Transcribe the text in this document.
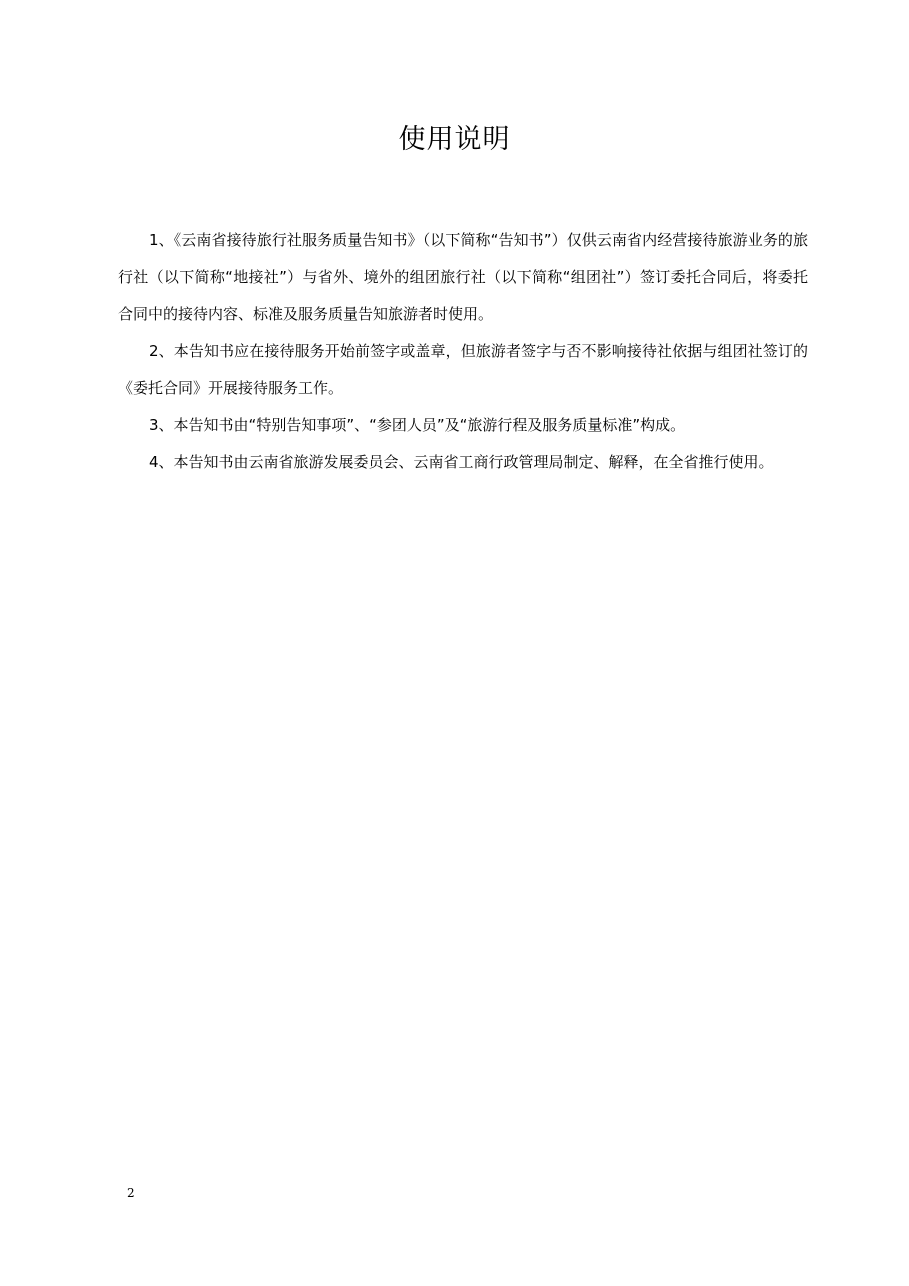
使用说明

1、《云南省接待旅行社服务质量告知书》（以下简称“告知书”）仅供云南省内经营接待旅游业务的旅行社（以下简称“地接社”）与省外、境外的组团旅行社（以下简称“组团社”）签订委托合同后，将委托合同中的接待内容、标准及服务质量告知旅游者时使用。

2、本告知书应在接待服务开始前签字或盖章，但旅游者签字与否不影响接待社依据与组团社签订的《委托合同》开展接待服务工作。

3、本告知书由“特别告知事项”、“参团人员”及“旅游行程及服务质量标准”构成。

4、本告知书由云南省旅游发展委员会、云南省工商行政管理局制定、解释，在全省推行使用。

2
